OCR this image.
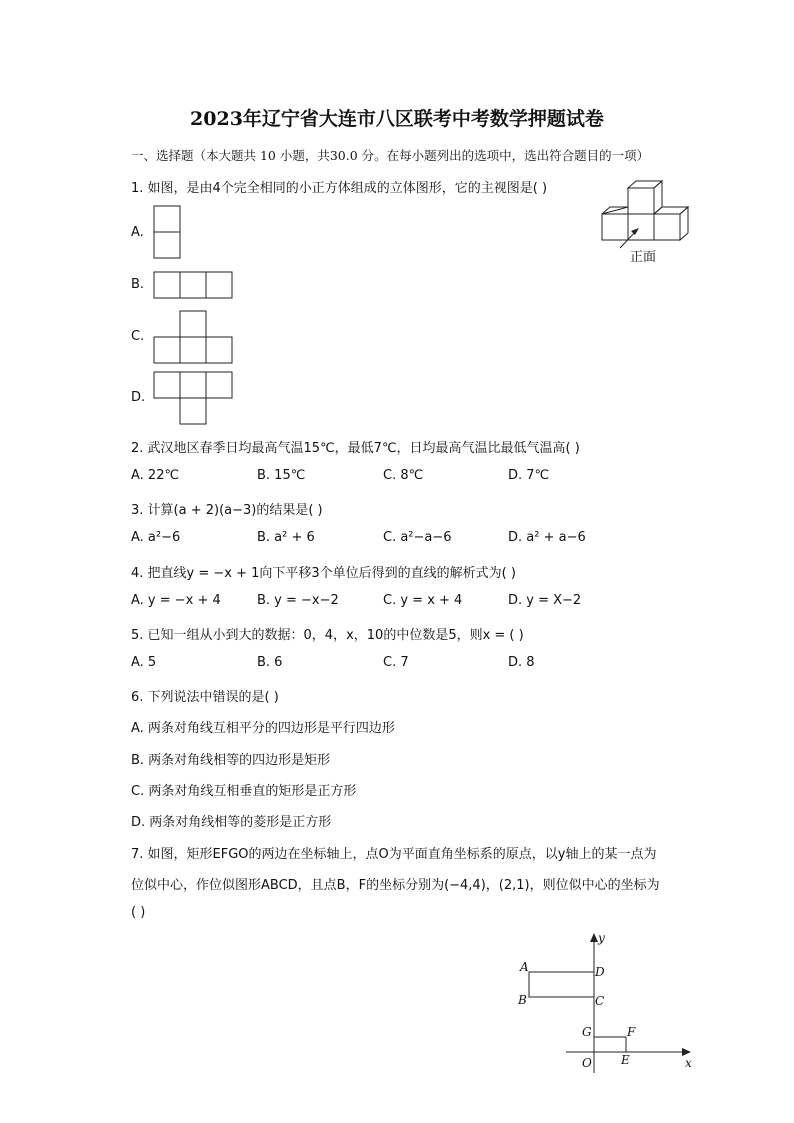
2023年辽宁省大连市八区联考中考数学押题试卷
一、选择题（本大题共 10 小题，共30.0 分。在每小题列出的选项中，选出符合题目的一项）
1. 如图，是由4个完全相同的小正方体组成的立体图形，它的主视图是( )
正面
A.
B.
C.
D.
2. 武汉地区春季日均最高气温15℃，最低7℃，日均最高气温比最低气温高( )
A. 22℃	B. 15℃	C. 8℃	D. 7℃
3. 计算(a + 2)(a−3)的结果是( )
A. a²−6	B. a² + 6	C. a²−a−6	D. a² + a−6
4. 把直线y = −x + 1向下平移3个单位后得到的直线的解析式为( )
A. y = −x + 4	B. y = −x−2	C. y = x + 4	D. y = X−2
5. 已知一组从小到大的数据：0，4，x，10的中位数是5，则x = ( )
A. 5	B. 6	C. 7	D. 8
6. 下列说法中错误的是( )
A. 两条对角线互相平分的四边形是平行四边形
B. 两条对角线相等的四边形是矩形
C. 两条对角线互相垂直的矩形是正方形
D. 两条对角线相等的菱形是正方形
7. 如图，矩形EFGO的两边在坐标轴上，点O为平面直角坐标系的原点，以y轴上的某一点为
位似中心，作位似图形ABCD，且点B，F的坐标分别为(−4,4)，(2,1)，则位似中心的坐标为
( )
y
x
A
B	C
D
G	F
E
O
